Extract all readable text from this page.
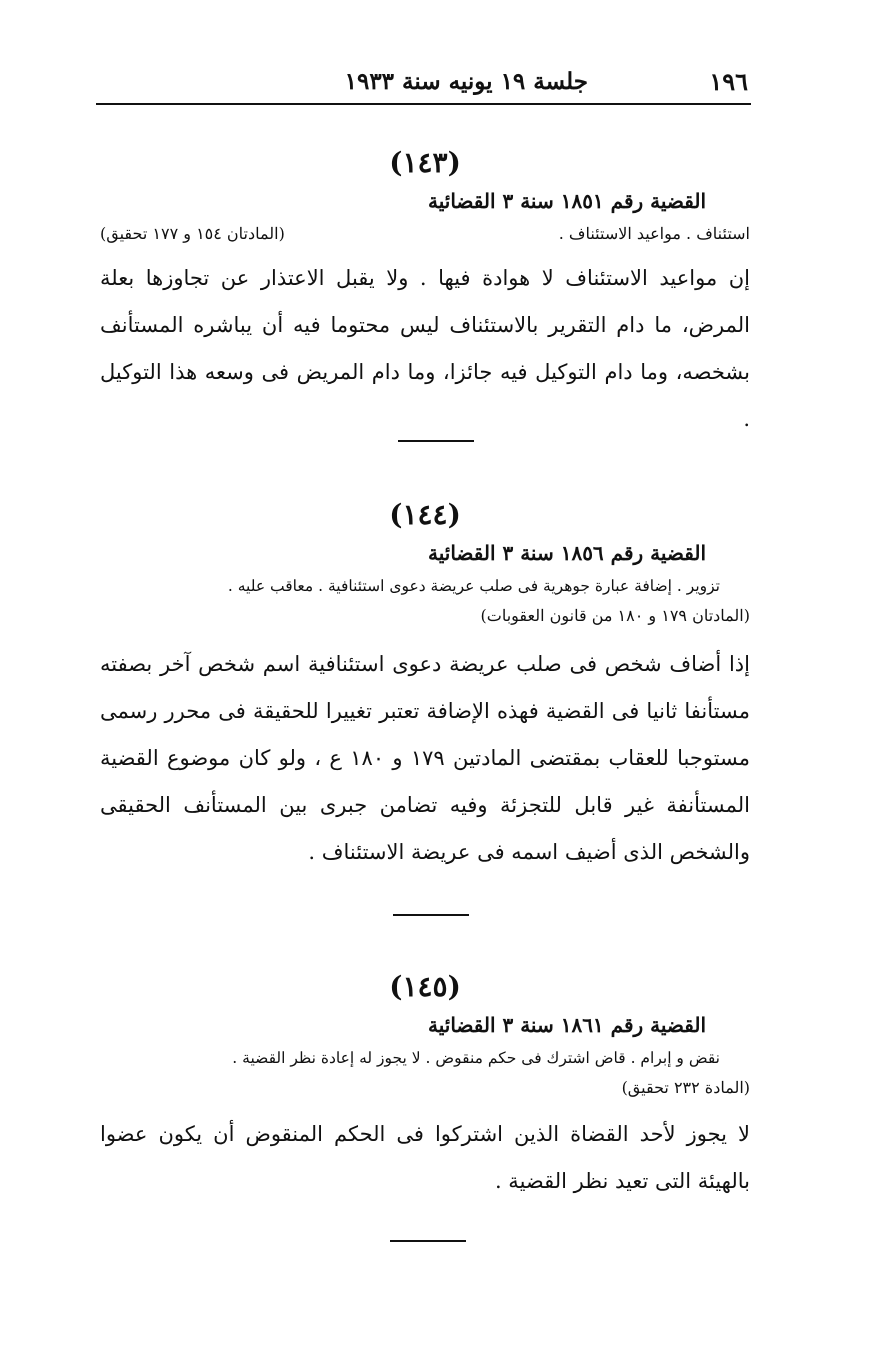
١٩٦
جلسة ١٩ يونيه سنة ١٩٣٣
(١٤٣)
القضية رقم ١٨٥١ سنة ٣ القضائية
استئناف . مواعيد الاستئناف .
(المادتان ١٥٤ و ١٧٧ تحقيق)
إن مواعيد الاستئناف لا هوادة فيها . ولا يقبل الاعتذار عن تجاوزها بعلة المرض، ما دام التقرير بالاستئناف ليس محتوما فيه أن يباشره المستأنف بشخصه، وما دام التوكيل فيه جائزا، وما دام المريض فى وسعه هذا التوكيل .
(١٤٤)
القضية رقم ١٨٥٦ سنة ٣ القضائية
تزوير . إضافة عبارة جوهرية فى صلب عريضة دعوى استئنافية . معاقب عليه .
(المادتان ١٧٩ و ١٨٠ من قانون العقوبات)
إذا أضاف شخص فى صلب عريضة دعوى استئنافية اسم شخص آخر بصفته مستأنفا ثانيا فى القضية فهذه الإضافة تعتبر تغييرا للحقيقة فى محرر رسمى مستوجبا للعقاب بمقتضى المادتين ١٧٩ و ١٨٠ ع ، ولو كان موضوع القضية المستأنفة غير قابل للتجزئة وفيه تضامن جبرى بين المستأنف الحقيقى والشخص الذى أضيف اسمه فى عريضة الاستئناف .
(١٤٥)
القضية رقم ١٨٦١ سنة ٣ القضائية
نقض و إبرام . قاض اشترك فى حكم منقوض . لا يجوز له إعادة نظر القضية .
(المادة ٢٣٢ تحقيق)
لا يجوز لأحد القضاة الذين اشتركوا فى الحكم المنقوض أن يكون عضوا بالهيئة التى تعيد نظر القضية .
